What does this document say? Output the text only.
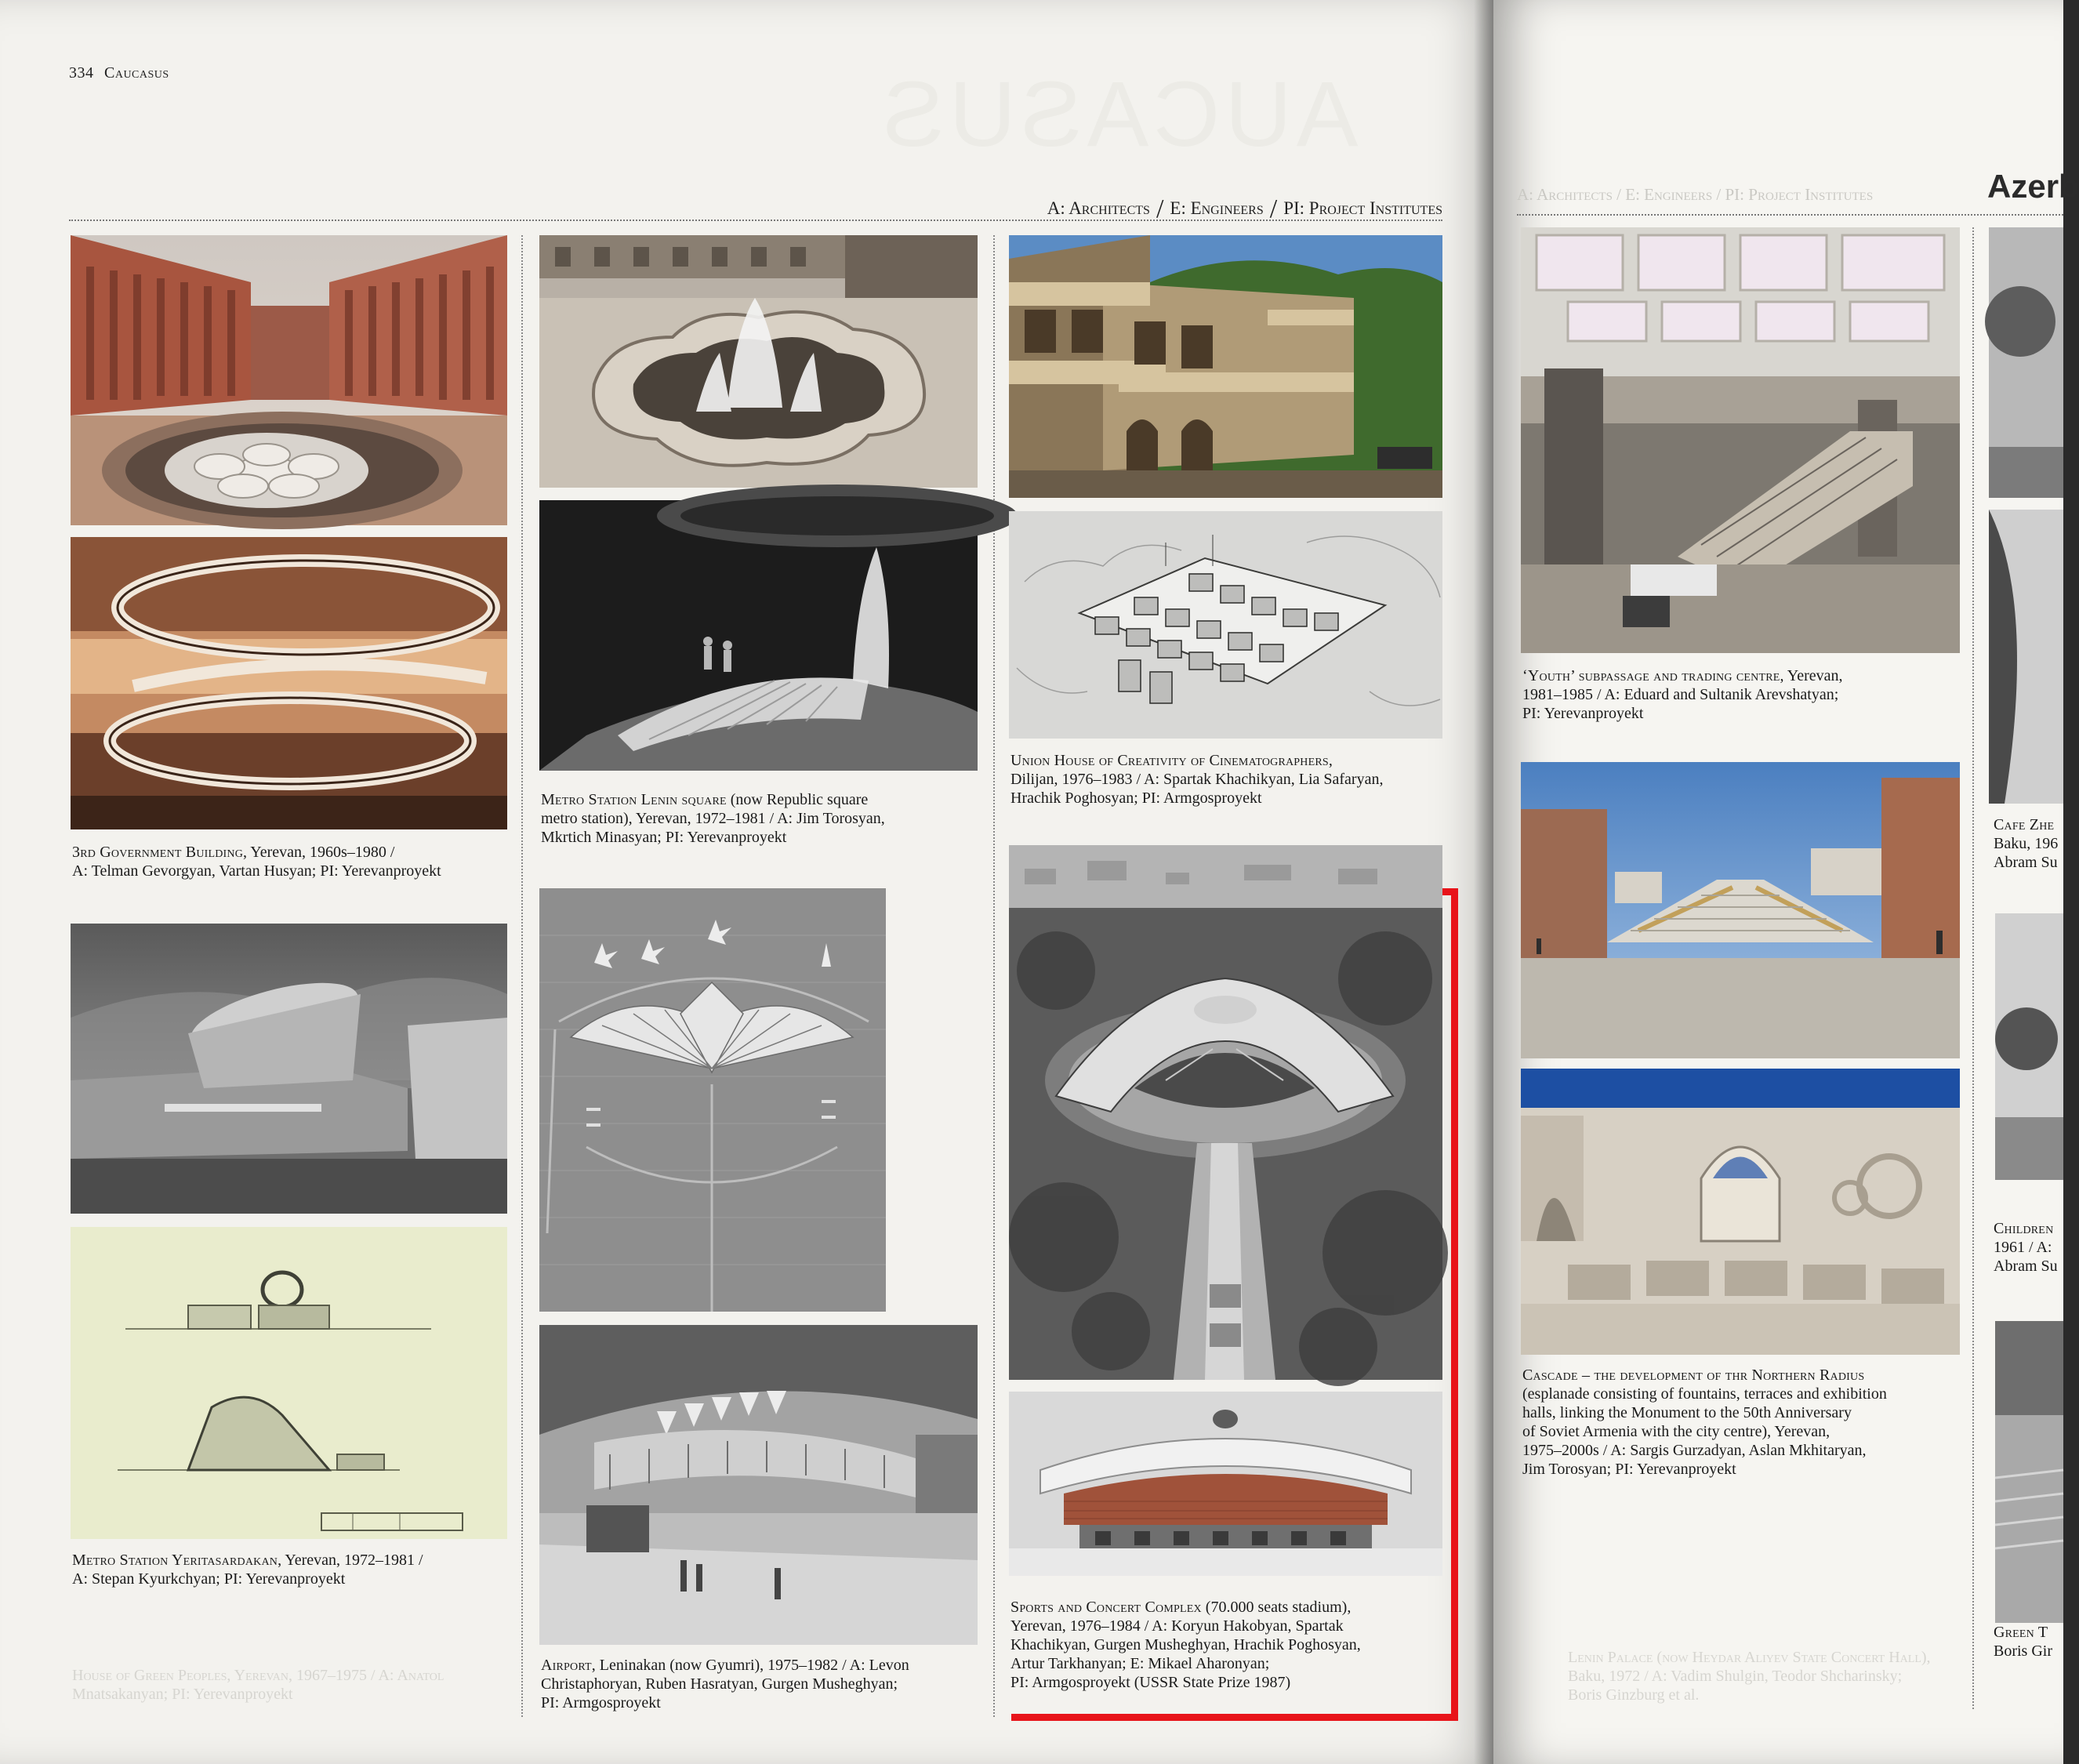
AUCASUS
334 Caucasus
A: Architects / E: Engineers / PI: Project Institutes
3rd Government Building, Yerevan, 1960s–1980 /
A: Telman Gevorgyan, Vartan Husyan; PI: Yerevanproyekt
Metro Station Yeritasardakan, Yerevan, 1972–1981 /
A: Stepan Kyurkchyan; PI: Yerevanproyekt
House of Green Peoples, Yerevan, 1967–1975 / A: Anatol
Mnatsakanyan; PI: Yerevanproyekt
Metro Station Lenin square (now Republic square
metro station), Yerevan, 1972–1981 / A: Jim Torosyan,
Mkrtich Minasyan; PI: Yerevanproyekt
Airport, Leninakan (now Gyumri), 1975–1982 / A: Levon
Christaphoryan, Ruben Hasratyan, Gurgen Musheghyan;
PI: Armgosproyekt
Union House of Creativity of Cinematographers,
Dilijan, 1976–1983 / A: Spartak Khachikyan, Lia Safaryan,
Hrachik Poghosyan; PI: Armgosproyekt
Sports and Concert Complex (70.000 seats stadium),
Yerevan, 1976–1984 / A: Koryun Hakobyan, Spartak
Khachikyan, Gurgen Musheghyan, Hrachik Poghosyan,
Artur Tarkhanyan; E: Mikael Aharonyan;
PI: Armgosproyekt (USSR State Prize 1987)
A: Architects / E: Engineers / PI: Project Institutes	Azerb
‘Youth’ subpassage and trading centre, Yerevan,
1981–1985 / A: Eduard and Sultanik Arevshatyan;
PI: Yerevanproyekt
Cascade – the development of thr Northern Radius
(esplanade consisting of fountains, terraces and exhibition
halls, linking the Monument to the 50th Anniversary
of Soviet Armenia with the city centre), Yerevan,
1975–2000s / A: Sargis Gurzadyan, Aslan Mkhitaryan,
Jim Torosyan; PI: Yerevanproyekt
Lenin Palace (now Heydar Aliyev State Concert Hall),
Baku, 1972 / A: Vadim Shulgin, Teodor Shcharinsky;
Boris Ginzburg et al.
Cafe Zhe
Baku, 196
Abram Su
Children
1961 / A:
Abram Su
Green T
Boris Gir
